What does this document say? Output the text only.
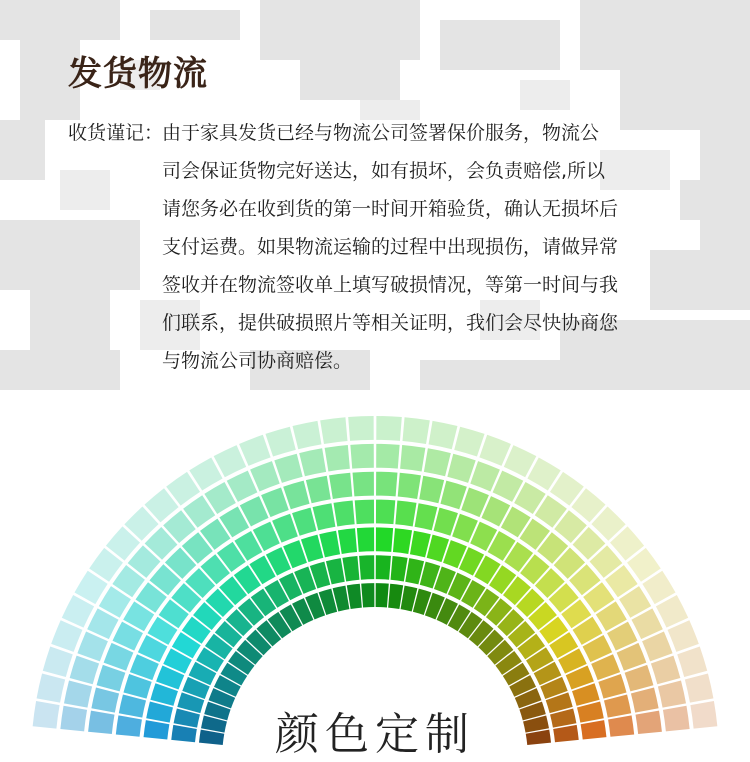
发货物流
收货谨记：由于家具发货已经与物流公司签署保价服务，物流公
司会保证货物完好送达，如有损坏，会负责赔偿,所以
请您务必在收到货的第一时间开箱验货，确认无损坏后
支付运费。如果物流运输的过程中出现损伤，请做异常
签收并在物流签收单上填写破损情况，等第一时间与我
们联系，提供破损照片等相关证明，我们会尽快协商您
与物流公司协商赔偿。
颜色定制
